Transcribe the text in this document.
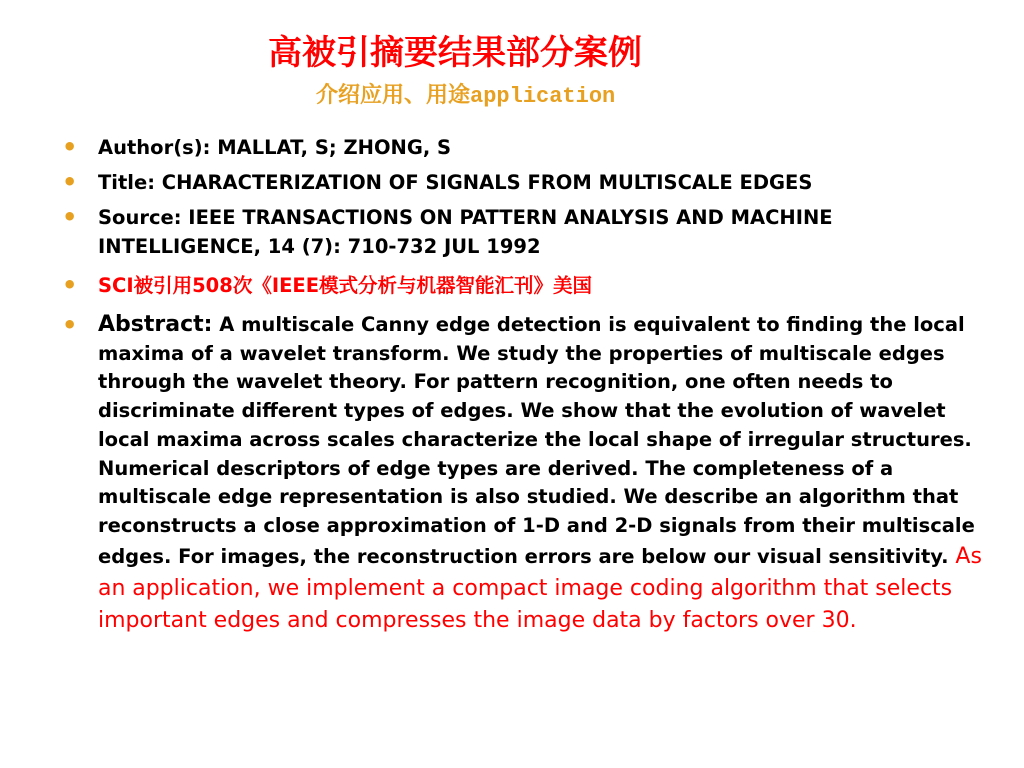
高被引摘要结果部分案例
介绍应用、用途application
• Author(s): MALLAT, S; ZHONG, S
• Title: CHARACTERIZATION OF SIGNALS FROM MULTISCALE EDGES
• Source: IEEE TRANSACTIONS ON PATTERN ANALYSIS AND MACHINE INTELLIGENCE, 14 (7): 710-732 JUL 1992
• SCI被引用508次《IEEE模式分析与机器智能汇刊》美国
• Abstract: A multiscale Canny edge detection is equivalent to finding the local maxima of a wavelet transform. We study the properties of multiscale edges through the wavelet theory. For pattern recognition, one often needs to discriminate different types of edges. We show that the evolution of wavelet local maxima across scales characterize the local shape of irregular structures. Numerical descriptors of edge types are derived. The completeness of a multiscale edge representation is also studied. We describe an algorithm that reconstructs a close approximation of 1-D and 2-D signals from their multiscale edges. For images, the reconstruction errors are below our visual sensitivity. As an application, we implement a compact image coding algorithm that selects important edges and compresses the image data by factors over 30.
